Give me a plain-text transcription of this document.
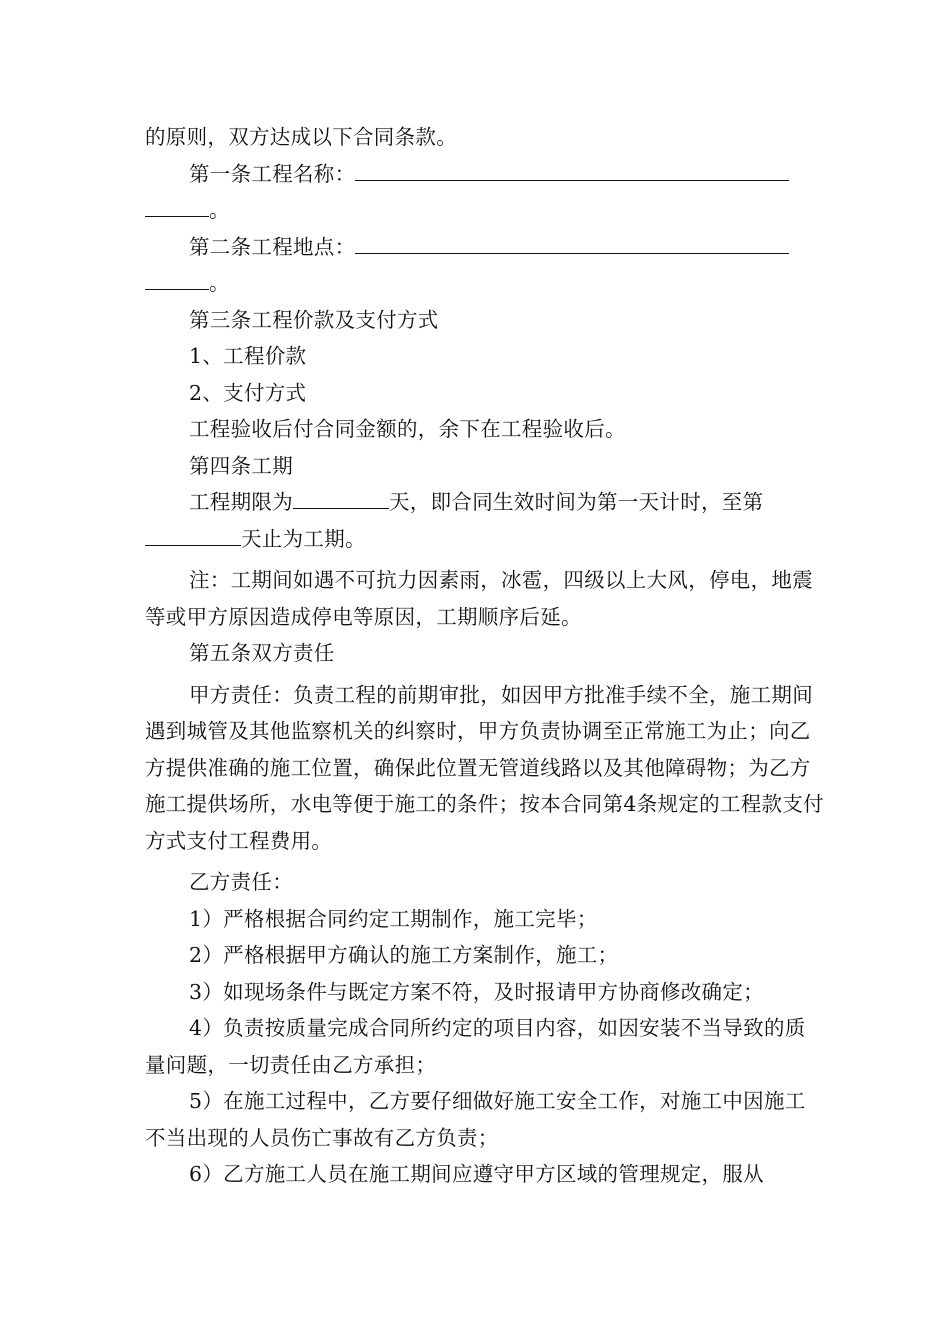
的原则，双方达成以下合同条款。

第一条工程名称：

。

第二条工程地点：

。

第三条工程价款及支付方式

1、工程价款

2、支付方式

工程验收后付合同金额的，余下在工程验收后。

第四条工期

工程期限为	天，即合同生效时间为第一天计时，至第

天止为工期。

注：工期间如遇不可抗力因素雨，冰雹，四级以上大风，停电，地震等或甲方原因造成停电等原因，工期顺序后延。

第五条双方责任

甲方责任：负责工程的前期审批，如因甲方批准手续不全，施工期间遇到城管及其他监察机关的纠察时，甲方负责协调至正常施工为止；向乙方提供准确的施工位置，确保此位置无管道线路以及其他障碍物；为乙方施工提供场所，水电等便于施工的条件；按本合同第4条规定的工程款支付方式支付工程费用。

乙方责任：

1）严格根据合同约定工期制作，施工完毕；

2）严格根据甲方确认的施工方案制作，施工；

3）如现场条件与既定方案不符，及时报请甲方协商修改确定；

4）负责按质量完成合同所约定的项目内容，如因安装不当导致的质量问题，一切责任由乙方承担；

5）在施工过程中，乙方要仔细做好施工安全工作，对施工中因施工不当出现的人员伤亡事故有乙方负责；

6）乙方施工人员在施工期间应遵守甲方区域的管理规定，服从
